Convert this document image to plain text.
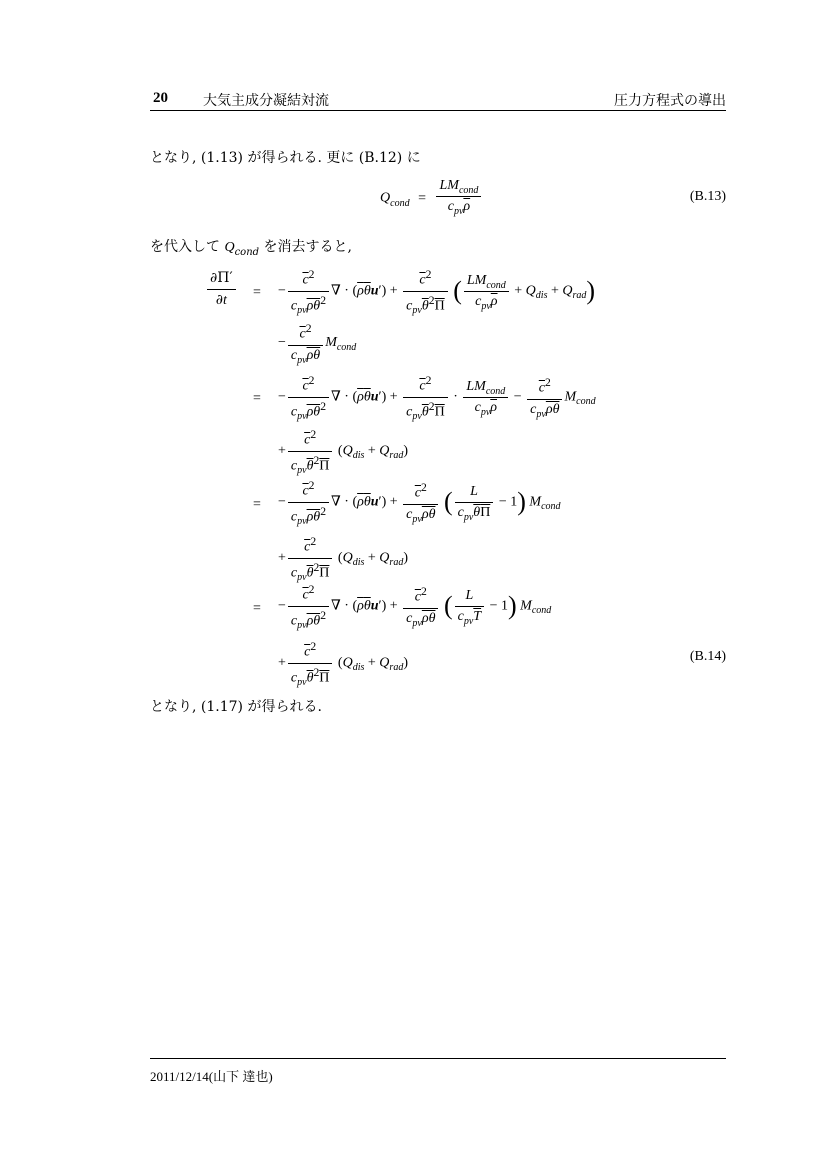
20	大気主成分凝結対流	圧力方程式の導出
となり, (1.13) が得られる. 更に (B.12) に
$Q_{cond} = \frac{LM_{cond}}{c_{pv}\overline{\rho}}$	(B.13)
を代入して $Q_{cond}$ を消去すると,
$\frac{\partial\Pi'}{\partial t}$ = − $\frac{\overline{c}^2}{c_{pv}\overline{\rho\theta}^2}$ ∇ · $(\overline{\rho}\overline{\theta}u') + \frac{\overline{c}^2}{c_{pv}\overline{\theta}^2\overline{\Pi}}$ ( $\frac{LM_{cond}}{c_{pv}\overline{\rho}} + Q_{dis} + Q_{rad}$)
− $\frac{\overline{c}^2}{c_{pv}\overline{\rho\theta}} M_{cond}$
= − $\frac{\overline{c}^2}{c_{pv}\overline{\rho\theta}^2}$ ∇ · $(\overline{\rho}\overline{\theta}u') + \frac{\overline{c}^2}{c_{pv}\overline{\theta}^2\overline{\Pi}} \cdot \frac{LM_{cond}}{c_{pv}\overline{\rho}} - \frac{\overline{c}^2}{c_{pv}\overline{\rho\theta}} M_{cond}$
+ $\frac{\overline{c}^2}{c_{pv}\overline{\theta}^2\overline{\Pi}} (Q_{dis} + Q_{rad})$
= − $\frac{\overline{c}^2}{c_{pv}\overline{\rho\theta}^2}$ ∇ · $(\overline{\rho}\overline{\theta}u') + \frac{\overline{c}^2}{c_{pv}\overline{\rho\theta}}$ ( $\frac{L}{c_{pv}\overline{\theta}\overline{\Pi}} - 1$) $M_{cond}$
+ $\frac{\overline{c}^2}{c_{pv}\overline{\theta}^2\overline{\Pi}} (Q_{dis} + Q_{rad})$
= − $\frac{\overline{c}^2}{c_{pv}\overline{\rho\theta}^2}$ ∇ · $(\overline{\rho}\overline{\theta}u') + \frac{\overline{c}^2}{c_{pv}\overline{\rho\theta}}$ ( $\frac{L}{c_{pv}\overline{T}} - 1$) $M_{cond}$
+ $\frac{\overline{c}^2}{c_{pv}\overline{\theta}^2\overline{\Pi}} (Q_{dis} + Q_{rad})$	(B.14)
となり, (1.17) が得られる.
2011/12/14(山下 達也)
